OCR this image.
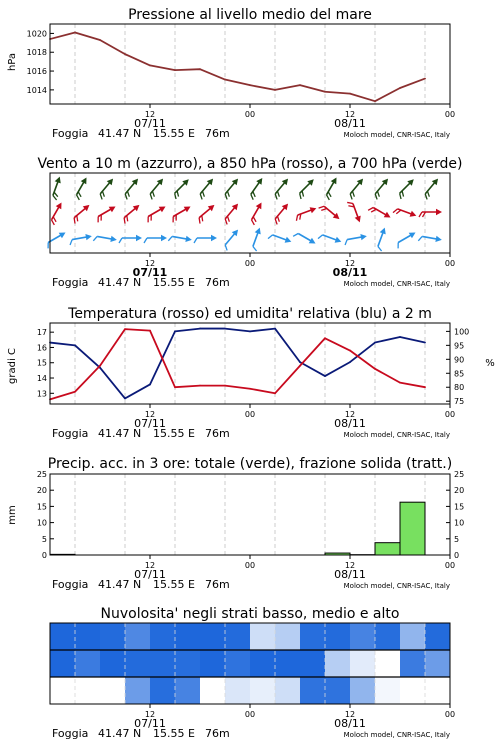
Pressione al livello medio del mare
hPa
1014
1016
1018
1020
12	00	12	00
07/11	08/11
Foggia 41.47 N 15.55 E 76m	Moloch model, CNR-ISAC, Italy
Vento a 10 m (azzurro), a 850 hPa (rosso), a 700 hPa (verde)
12	00	12	00
07/11	08/11
Foggia 41.47 N 15.55 E 76m	Moloch model, CNR-ISAC, Italy
Temperatura (rosso) ed umidita' relativa (blu) a 2 m
gradi C	%
13
14
15
16
17
75
80
85
90
95
100
12	00	12	00
07/11	08/11
Foggia 41.47 N 15.55 E 76m	Moloch model, CNR-ISAC, Italy
Precip. acc. in 3 ore: totale (verde), frazione solida (tratt.)
mm
0
5
10
15
20
25
0
5
10
15
20
25
12	00	12	00
07/11	08/11
Foggia 41.47 N 15.55 E 76m	Moloch model, CNR-ISAC, Italy
Nuvolosita' negli strati basso, medio e alto
12	00	12	00
07/11	08/11
Foggia 41.47 N 15.55 E 76m	Moloch model, CNR-ISAC, Italy
